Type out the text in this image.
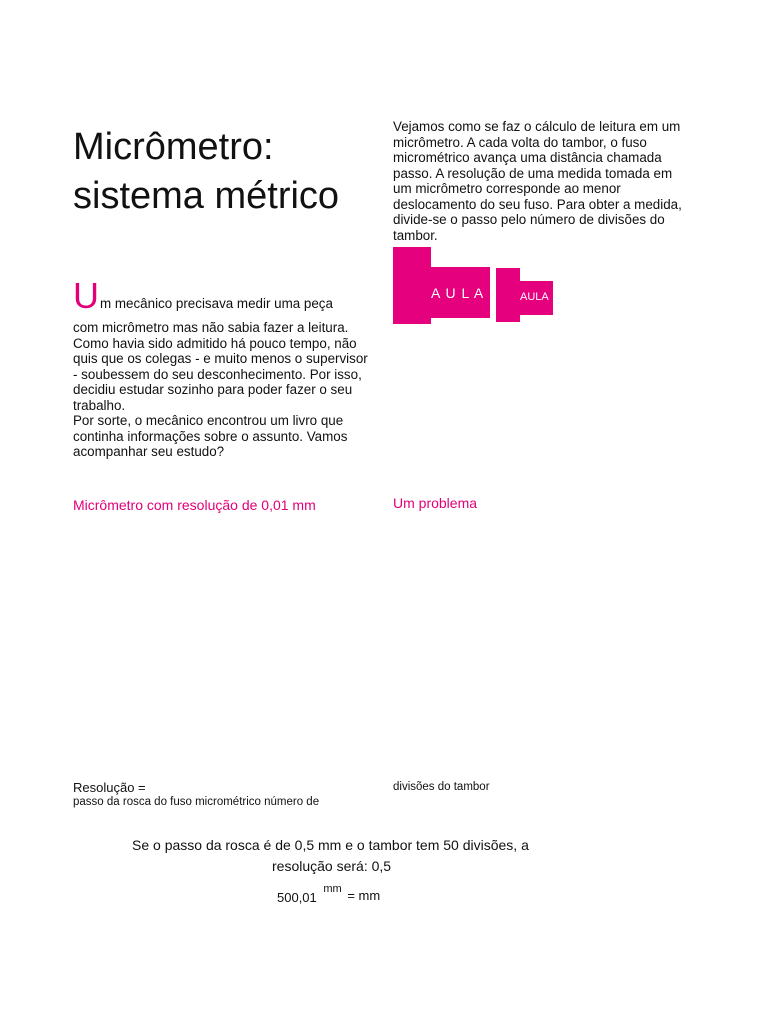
Micrômetro:
sistema métrico
Vejamos como se faz o cálculo de leitura em um
micrômetro. A cada volta do tambor, o fuso
micrométrico avança uma distância chamada
passo. A resolução de uma medida tomada em
um micrômetro corresponde ao menor
deslocamento do seu fuso. Para obter a medida,
divide-se o passo pelo número de divisões do
tambor.
A U L A	AULA
U m mecânico precisava medir uma peça
com micrômetro mas não sabia fazer a leitura.
Como havia sido admitido há pouco tempo, não
quis que os colegas - e muito menos o supervisor
- soubessem do seu desconhecimento. Por isso,
decidiu estudar sozinho para poder fazer o seu
trabalho.
Por sorte, o mecânico encontrou um livro que
continha informações sobre o assunto. Vamos
acompanhar seu estudo?
Micrômetro com resolução de 0,01 mm	Um problema
Resolução =
passo da rosca do fuso micrométrico número de
divisões do tambor
Se o passo da rosca é de 0,5 mm e o tambor tem 50 divisões, a
resolução será: 0,5
500,01 mm = mm
